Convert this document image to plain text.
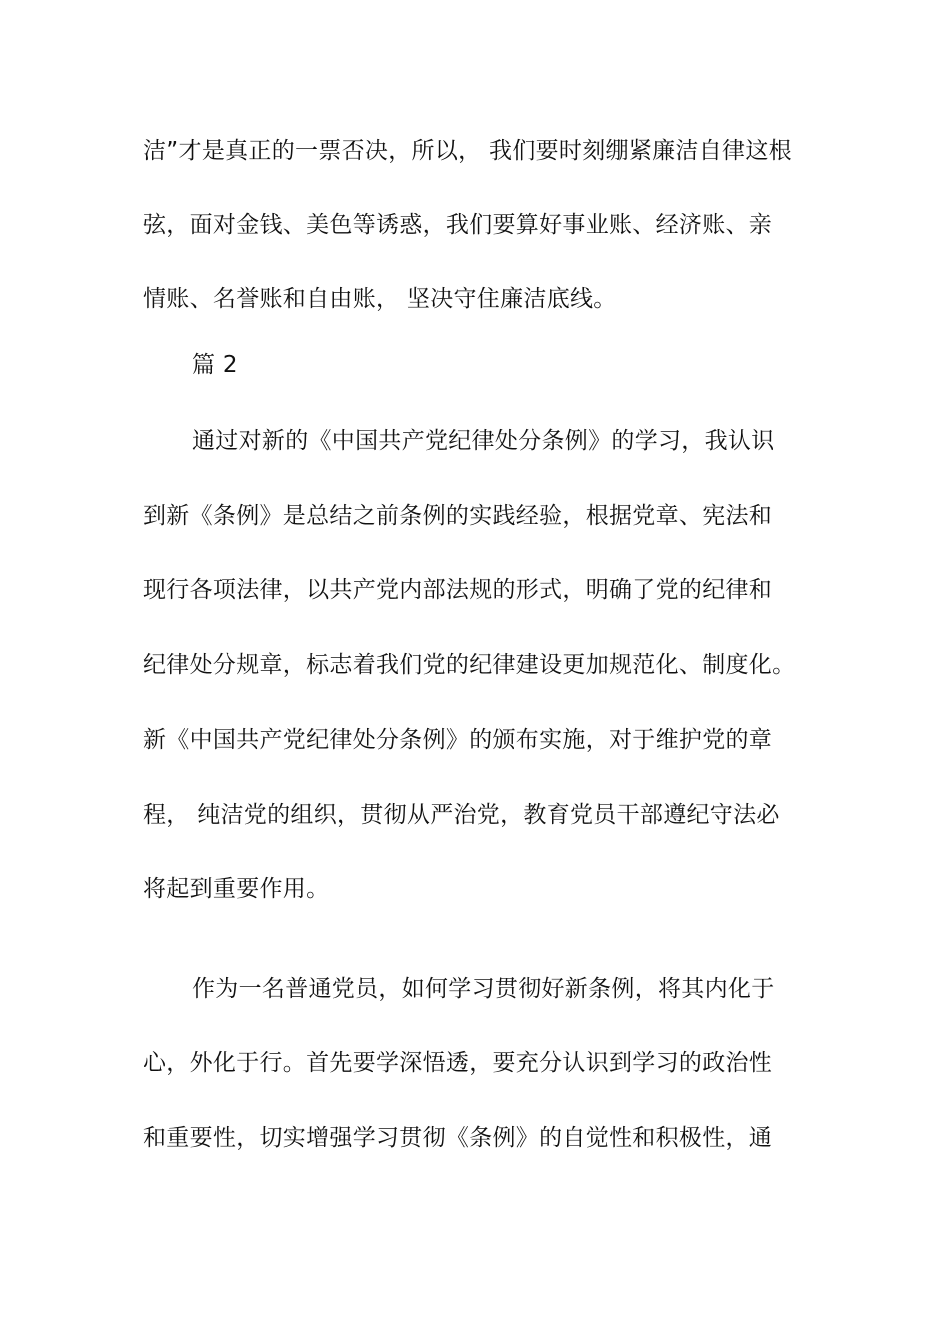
洁”才是真正的一票否决，所以， 我们要时刻绷紧廉洁自律这根
弦，面对金钱、美色等诱惑，我们要算好事业账、经济账、亲
情账、名誉账和自由账， 坚决守住廉洁底线。
篇 2
通过对新的《中国共产党纪律处分条例》的学习，我认识
到新《条例》是总结之前条例的实践经验，根据党章、宪法和
现行各项法律，以共产党内部法规的形式，明确了党的纪律和
纪律处分规章，标志着我们党的纪律建设更加规范化、制度化。
新《中国共产党纪律处分条例》的颁布实施，对于维护党的章
程， 纯洁党的组织，贯彻从严治党，教育党员干部遵纪守法必
将起到重要作用。
作为一名普通党员，如何学习贯彻好新条例，将其内化于
心，外化于行。首先要学深悟透，要充分认识到学习的政治性
和重要性，切实增强学习贯彻《条例》的自觉性和积极性，通
